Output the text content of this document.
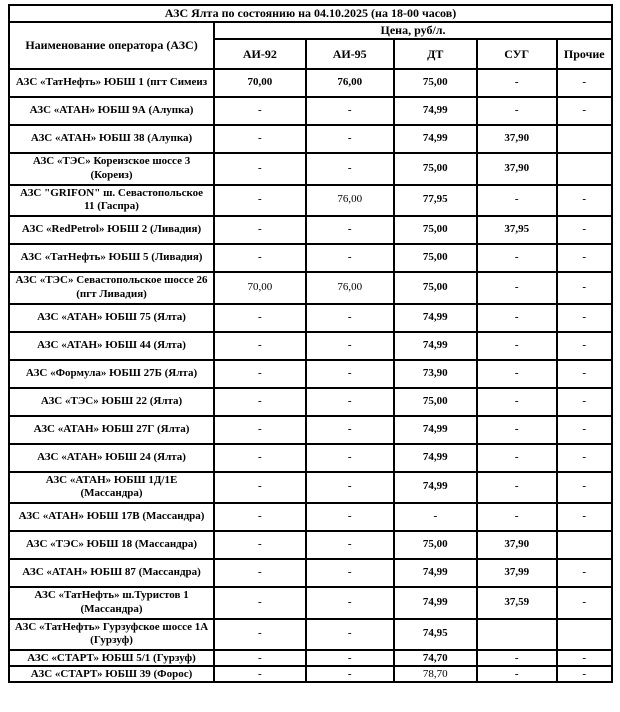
АЗС Ялта по состоянию на 04.10.2025 (на 18-00 часов)					
Наименование оператора (АЗС)	Цена, руб/л.				
	АИ-92	АИ-95	ДТ	СУГ	Прочие
АЗС «ТатНефть» ЮБШ 1 (пгт Симеиз	70,00	76,00	75,00	-	-
АЗС «АТАН» ЮБШ 9А (Алупка)	-	-	74,99	-	-
АЗС «АТАН» ЮБШ 38 (Алупка)	-	-	74,99	37,90	
АЗС «ТЭС» Кореизское шоссе 3 (Кореиз)	-	-	75,00	37,90	
АЗС "GRIFON" ш. Севастопольское 11 (Гаспра)	-	76,00	77,95	-	-
АЗС «RedPetrol» ЮБШ 2 (Ливадия)	-	-	75,00	37,95	-
АЗС «ТатНефть» ЮБШ 5 (Ливадия)	-	-	75,00	-	-
АЗС «ТЭС» Севастопольское шоссе 26 (пгт Ливадия)	70,00	76,00	75,00	-	-
АЗС «АТАН» ЮБШ 75 (Ялта)	-	-	74,99	-	-
АЗС «АТАН» ЮБШ 44 (Ялта)	-	-	74,99	-	-
АЗС «Формула» ЮБШ 27Б (Ялта)	-	-	73,90	-	-
АЗС «ТЭС» ЮБШ 22 (Ялта)	-	-	75,00	-	-
АЗС «АТАН» ЮБШ 27Г (Ялта)	-	-	74,99	-	-
АЗС «АТАН» ЮБШ 24 (Ялта)	-	-	74,99	-	-
АЗС «АТАН» ЮБШ 1Д/1Е (Массандра)	-	-	74,99	-	-
АЗС «АТАН» ЮБШ 17В (Массандра)	-	-	-	-	-
АЗС «ТЭС» ЮБШ 18 (Массандра)	-	-	75,00	37,90	
АЗС «АТАН» ЮБШ 87 (Массандра)	-	-	74,99	37,99	-
АЗС «ТатНефть» ш.Туристов 1 (Массандра)	-	-	74,99	37,59	-
АЗС «ТатНефть» Гурзуфское шоссе 1А (Гурзуф)	-	-	74,95		
АЗС «СТАРТ» ЮБШ 5/1 (Гурзуф)	-	-	74,70	-	-
АЗС «СТАРТ» ЮБШ 39 (Форос)	-	-	78,70	-	-
